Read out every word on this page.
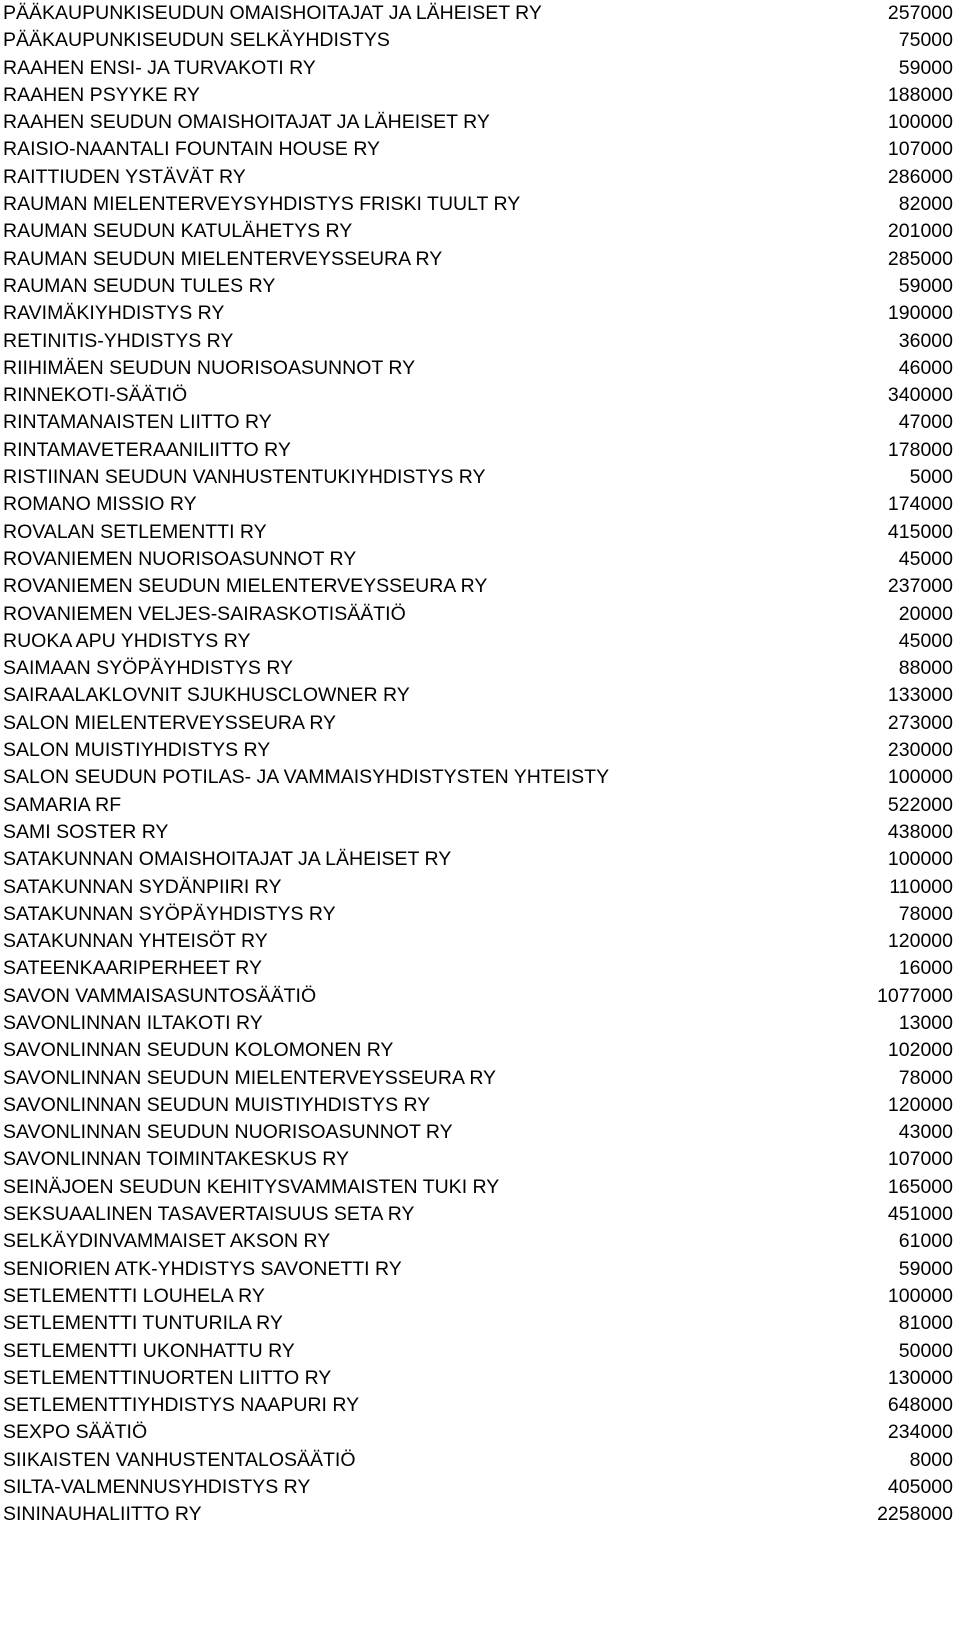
PÄÄKAUPUNKISEUDUN OMAISHOITAJAT JA LÄHEISET RY	257000
PÄÄKAUPUNKISEUDUN SELKÄYHDISTYS	75000
RAAHEN ENSI- JA TURVAKOTI RY	59000
RAAHEN PSYYKE RY	188000
RAAHEN SEUDUN OMAISHOITAJAT JA LÄHEISET RY	100000
RAISIO-NAANTALI FOUNTAIN HOUSE RY	107000
RAITTIUDEN YSTÄVÄT RY	286000
RAUMAN MIELENTERVEYSYHDISTYS FRISKI TUULT RY	82000
RAUMAN SEUDUN KATULÄHETYS RY	201000
RAUMAN SEUDUN MIELENTERVEYSSEURA RY	285000
RAUMAN SEUDUN TULES RY	59000
RAVIMÄKIYHDISTYS RY	190000
RETINITIS-YHDISTYS RY	36000
RIIHIMÄEN SEUDUN NUORISOASUNNOT RY	46000
RINNEKOTI-SÄÄTIÖ	340000
RINTAMANAISTEN LIITTO RY	47000
RINTAMAVETERAANILIITTO RY	178000
RISTIINAN SEUDUN VANHUSTENTUKIYHDISTYS RY	5000
ROMANO MISSIO RY	174000
ROVALAN SETLEMENTTI RY	415000
ROVANIEMEN NUORISOASUNNOT RY	45000
ROVANIEMEN SEUDUN MIELENTERVEYSSEURA RY	237000
ROVANIEMEN VELJES-SAIRASKOTISÄÄTIÖ	20000
RUOKA APU YHDISTYS RY	45000
SAIMAAN SYÖPÄYHDISTYS RY	88000
SAIRAALAKLOVNIT SJUKHUSCLOWNER RY	133000
SALON MIELENTERVEYSSEURA RY	273000
SALON MUISTIYHDISTYS RY	230000
SALON SEUDUN POTILAS- JA VAMMAISYHDISTYSTEN YHTEISTY	100000
SAMARIA RF	522000
SAMI SOSTER RY	438000
SATAKUNNAN OMAISHOITAJAT JA LÄHEISET RY	100000
SATAKUNNAN SYDÄNPIIRI RY	110000
SATAKUNNAN SYÖPÄYHDISTYS RY	78000
SATAKUNNAN YHTEISÖT RY	120000
SATEENKAARIPERHEET RY	16000
SAVON VAMMAISASUNTOSÄÄTIÖ	1077000
SAVONLINNAN ILTAKOTI RY	13000
SAVONLINNAN SEUDUN KOLOMONEN RY	102000
SAVONLINNAN SEUDUN MIELENTERVEYSSEURA RY	78000
SAVONLINNAN SEUDUN MUISTIYHDISTYS RY	120000
SAVONLINNAN SEUDUN NUORISOASUNNOT RY	43000
SAVONLINNAN TOIMINTAKESKUS RY	107000
SEINÄJOEN SEUDUN KEHITYSVAMMAISTEN TUKI RY	165000
SEKSUAALINEN TASAVERTAISUUS SETA RY	451000
SELKÄYDINVAMMAISET AKSON RY	61000
SENIORIEN ATK-YHDISTYS SAVONETTI RY	59000
SETLEMENTTI LOUHELA RY	100000
SETLEMENTTI TUNTURILA RY	81000
SETLEMENTTI UKONHATTU RY	50000
SETLEMENTTINUORTEN LIITTO RY	130000
SETLEMENTTIYHDISTYS NAAPURI RY	648000
SEXPO SÄÄTIÖ	234000
SIIKAISTEN VANHUSTENTALOSÄÄTIÖ	8000
SILTA-VALMENNUSYHDISTYS RY	405000
SININAUHALIITTO RY	2258000
